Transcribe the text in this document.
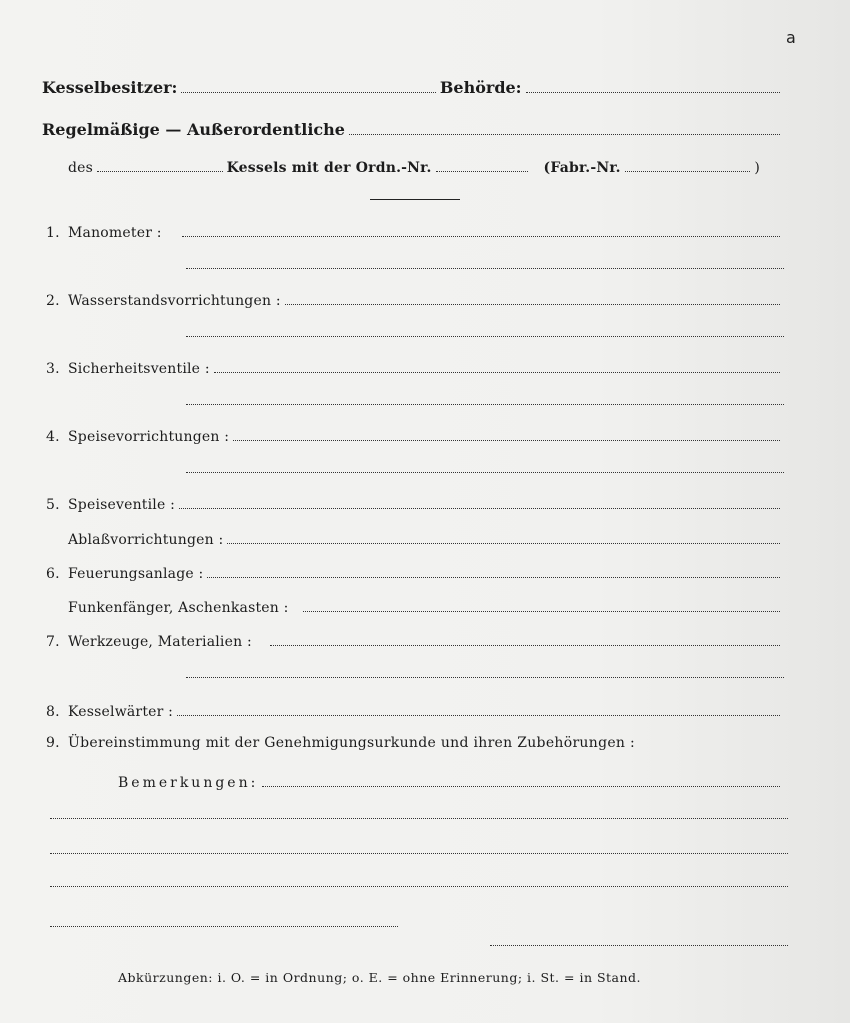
a
Kesselbesitzer:	Behörde:
Regelmäßige — Außerordentliche
des	Kessels mit der Ordn.-Nr.	(Fabr.-Nr.	)
1. Manometer :
2. Wasserstandsvorrichtungen :
3. Sicherheitsventile :
4. Speisevorrichtungen :
5. Speiseventile :
Ablaßvorrichtungen :
6. Feuerungsanlage :
Funkenfänger, Aschenkasten :
7. Werkzeuge, Materialien :
8. Kesselwärter :
9. Übereinstimmung mit der Genehmigungsurkunde und ihren Zubehörungen :
Bemerkungen:
Abkürzungen: i. O. = in Ordnung; o. E. = ohne Erinnerung; i. St. = in Stand.
